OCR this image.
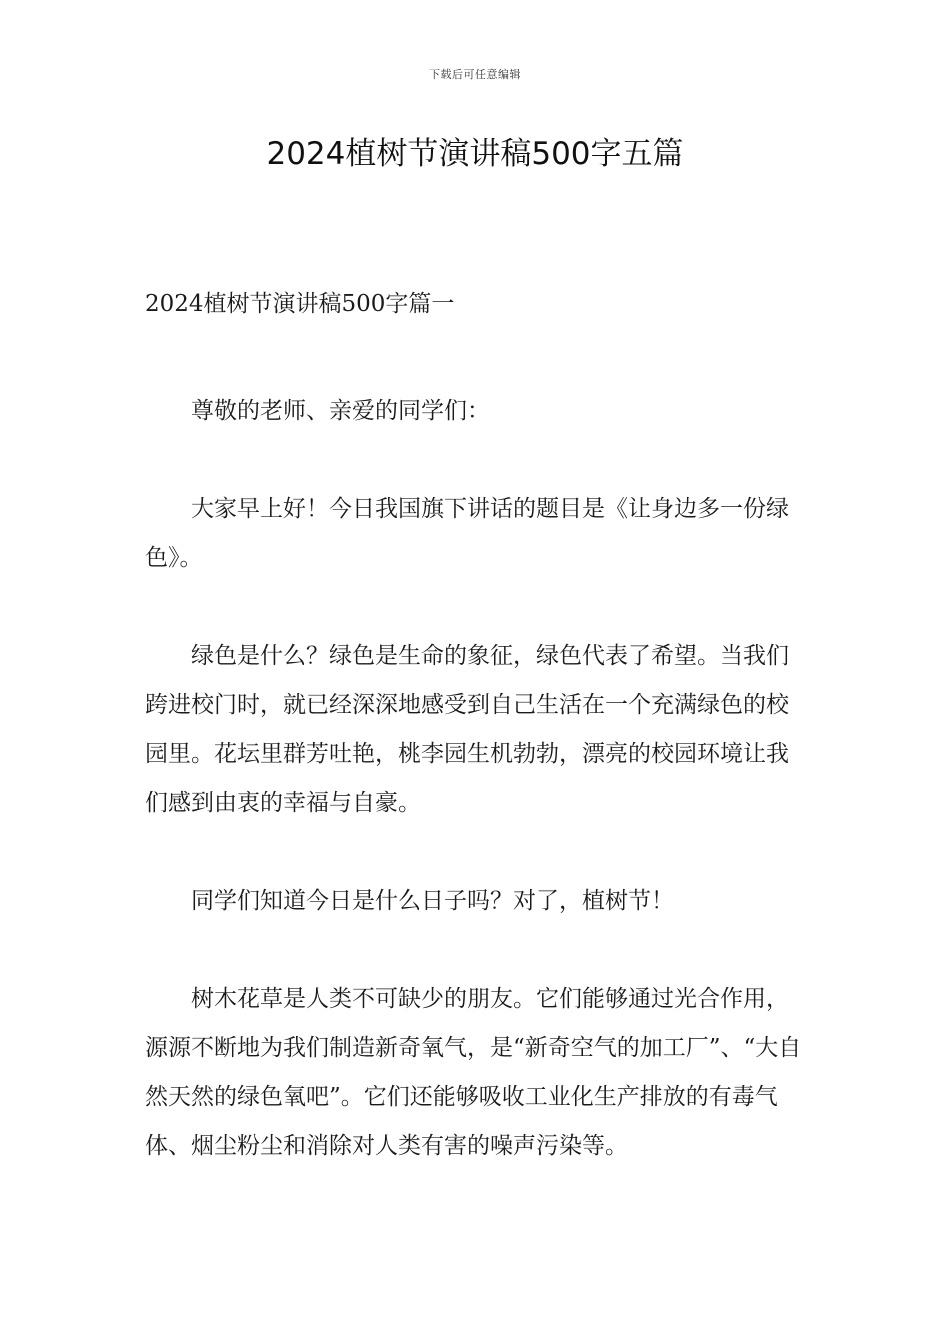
下载后可任意编辑
2024植树节演讲稿500字五篇
2024植树节演讲稿500字篇一

尊敬的老师、亲爱的同学们：

大家早上好！今日我国旗下讲话的题目是《让身边多一份绿色》。

绿色是什么？绿色是生命的象征，绿色代表了希望。当我们跨进校门时，就已经深深地感受到自己生活在一个充满绿色的校园里。花坛里群芳吐艳，桃李园生机勃勃，漂亮的校园环境让我们感到由衷的幸福与自豪。

同学们知道今日是什么日子吗？对了，植树节！

树木花草是人类不可缺少的朋友。它们能够通过光合作用，源源不断地为我们制造新奇氧气，是“新奇空气的加工厂”、“大自然天然的绿色氧吧”。它们还能够吸收工业化生产排放的有毒气体、烟尘粉尘和消除对人类有害的噪声污染等。
